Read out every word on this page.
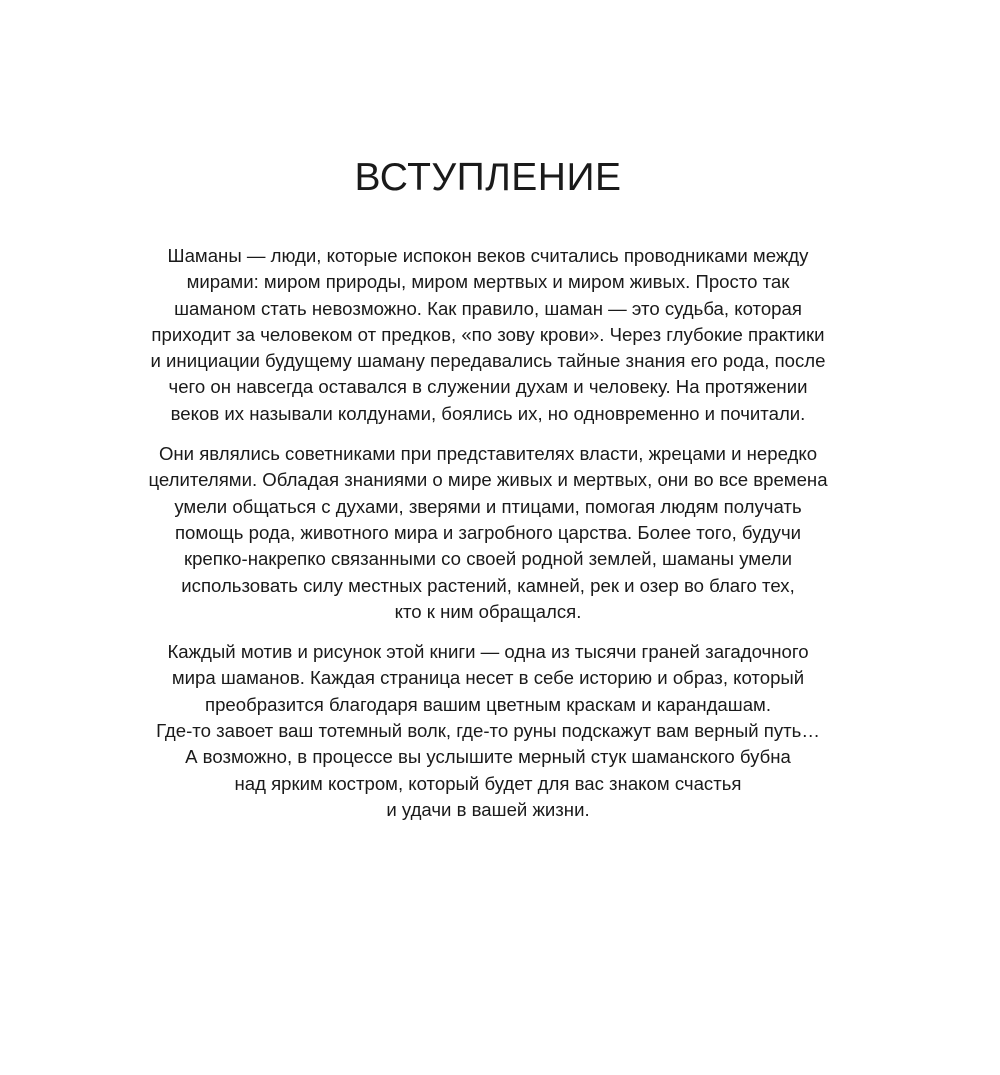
ВСТУПЛЕНИЕ

Шаманы — люди, которые испокон веков считались проводниками между
мирами: миром природы, миром мертвых и миром живых. Просто так
шаманом стать невозможно. Как правило, шаман — это судьба, которая
приходит за человеком от предков, «по зову крови». Через глубокие практики
и инициации будущему шаману передавались тайные знания его рода, после
чего он навсегда оставался в служении духам и человеку. На протяжении
веков их называли колдунами, боялись их, но одновременно и почитали.

Они являлись советниками при представителях власти, жрецами и нередко
целителями. Обладая знаниями о мире живых и мертвых, они во все времена
умели общаться с духами, зверями и птицами, помогая людям получать
помощь рода, животного мира и загробного царства. Более того, будучи
крепко-накрепко связанными со своей родной землей, шаманы умели
использовать силу местных растений, камней, рек и озер во благо тех,
кто к ним обращался.

Каждый мотив и рисунок этой книги — одна из тысячи граней загадочного
мира шаманов. Каждая страница несет в себе историю и образ, который
преобразится благодаря вашим цветным краскам и карандашам.
Где-то завоет ваш тотемный волк, где-то руны подскажут вам верный путь…
А возможно, в процессе вы услышите мерный стук шаманского бубна
над ярким костром, который будет для вас знаком счастья
и удачи в вашей жизни.
